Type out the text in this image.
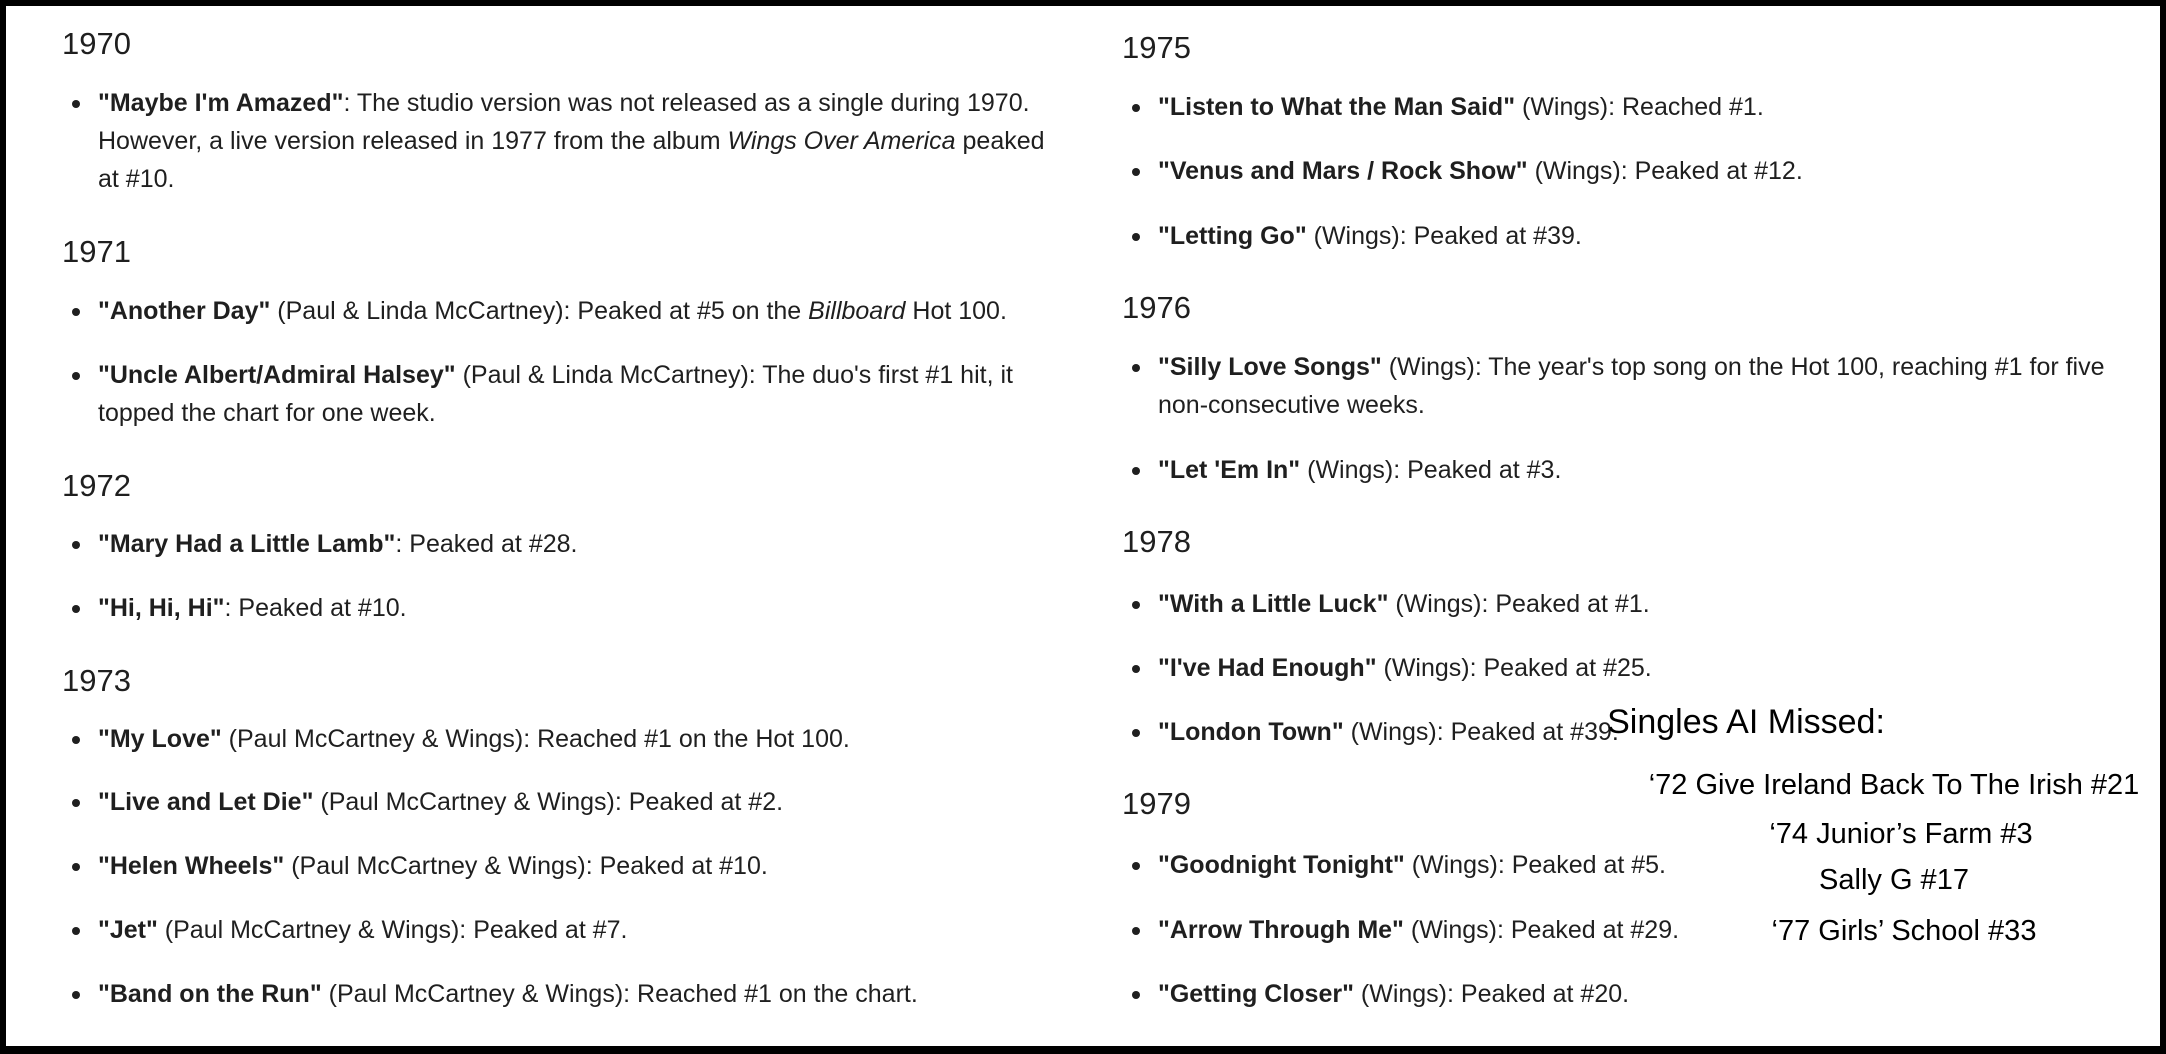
1970
"Maybe I'm Amazed": The studio version was not released as a single during 1970. However, a live version released in 1977 from the album Wings Over America peaked at #10.
1971
"Another Day" (Paul & Linda McCartney): Peaked at #5 on the Billboard Hot 100.
"Uncle Albert/Admiral Halsey" (Paul & Linda McCartney): The duo's first #1 hit, it topped the chart for one week.
1972
"Mary Had a Little Lamb": Peaked at #28.
"Hi, Hi, Hi": Peaked at #10.
1973
"My Love" (Paul McCartney & Wings): Reached #1 on the Hot 100.
"Live and Let Die" (Paul McCartney & Wings): Peaked at #2.
"Helen Wheels" (Paul McCartney & Wings): Peaked at #10.
"Jet" (Paul McCartney & Wings): Peaked at #7.
"Band on the Run" (Paul McCartney & Wings): Reached #1 on the chart.
1975
"Listen to What the Man Said" (Wings): Reached #1.
"Venus and Mars / Rock Show" (Wings): Peaked at #12.
"Letting Go" (Wings): Peaked at #39.
1976
"Silly Love Songs" (Wings): The year's top song on the Hot 100, reaching #1 for five non-consecutive weeks.
"Let 'Em In" (Wings): Peaked at #3.
1978
"With a Little Luck" (Wings): Peaked at #1.
"I've Had Enough" (Wings): Peaked at #25.
"London Town" (Wings): Peaked at #39.
1979
"Goodnight Tonight" (Wings): Peaked at #5.
"Arrow Through Me" (Wings): Peaked at #29.
"Getting Closer" (Wings): Peaked at #20.
Singles AI Missed:
‘72 Give Ireland Back To The Irish #21
‘74 Junior’s Farm #3
Sally G #17
‘77 Girls’ School #33
